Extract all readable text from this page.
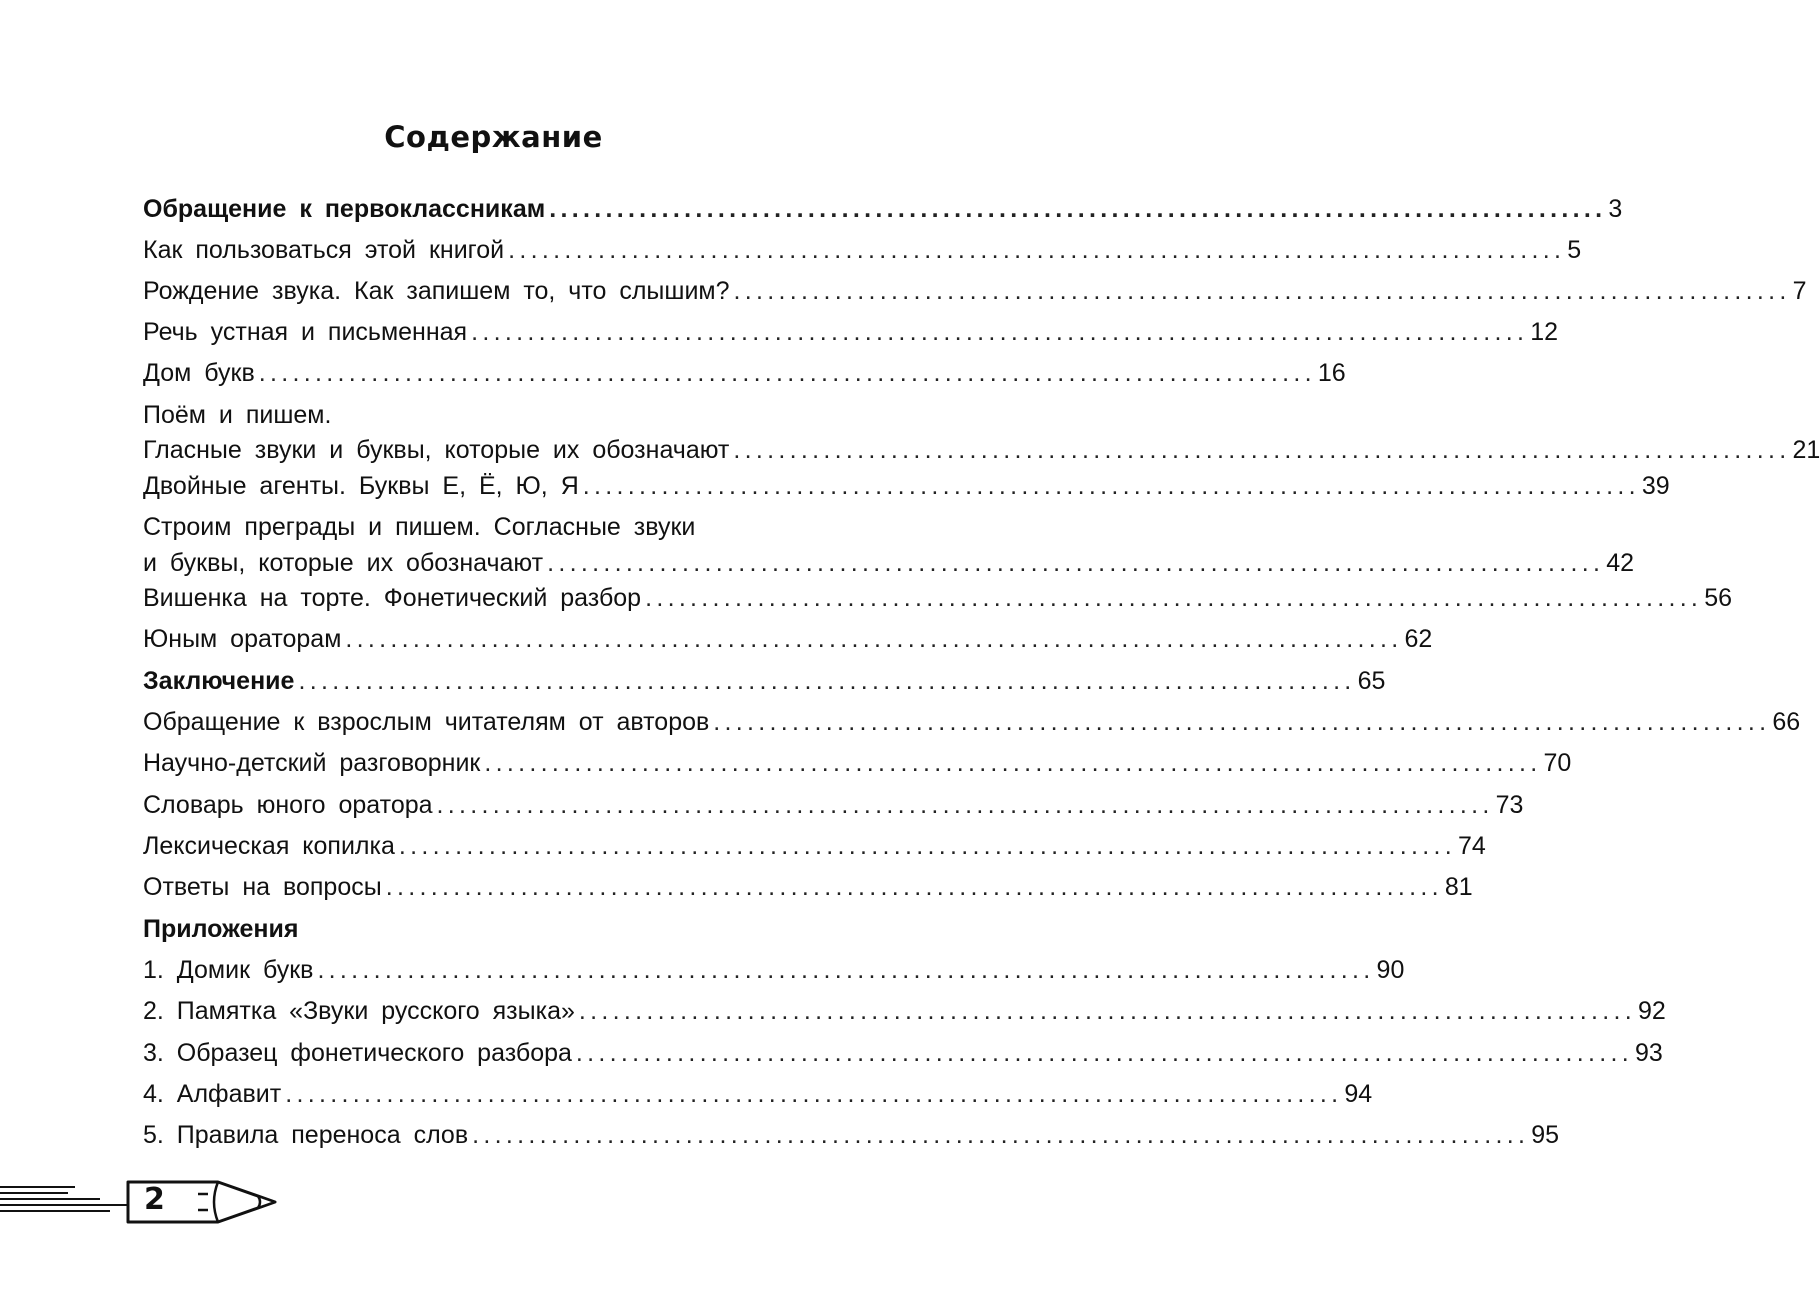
Содержание
Обращение к первоклассникам .............................................................................................. 3
Как пользоваться этой книгой .............................................................................................. 5
Рождение звука. Как запишем то, что слышим? .............................................................................................. 7
Речь устная и письменная .............................................................................................. 12
Дом букв .............................................................................................. 16
Поём и пишем.
Гласные звуки и буквы, которые их обозначают .............................................................................................. 21
Двойные агенты. Буквы Е, Ё, Ю, Я .............................................................................................. 39
Строим преграды и пишем. Согласные звуки
и буквы, которые их обозначают .............................................................................................. 42
Вишенка на торте. Фонетический разбор .............................................................................................. 56
Юным ораторам .............................................................................................. 62
Заключение .............................................................................................. 65
Обращение к взрослым читателям от авторов .............................................................................................. 66
Научно-детский разговорник .............................................................................................. 70
Словарь юного оратора .............................................................................................. 73
Лексическая копилка .............................................................................................. 74
Ответы на вопросы .............................................................................................. 81
Приложения
1. Домик букв .............................................................................................. 90
2. Памятка «Звуки русского языка» .............................................................................................. 92
3. Образец фонетического разбора .............................................................................................. 93
4. Алфавит .............................................................................................. 94
5. Правила переноса слов .............................................................................................. 95
2
